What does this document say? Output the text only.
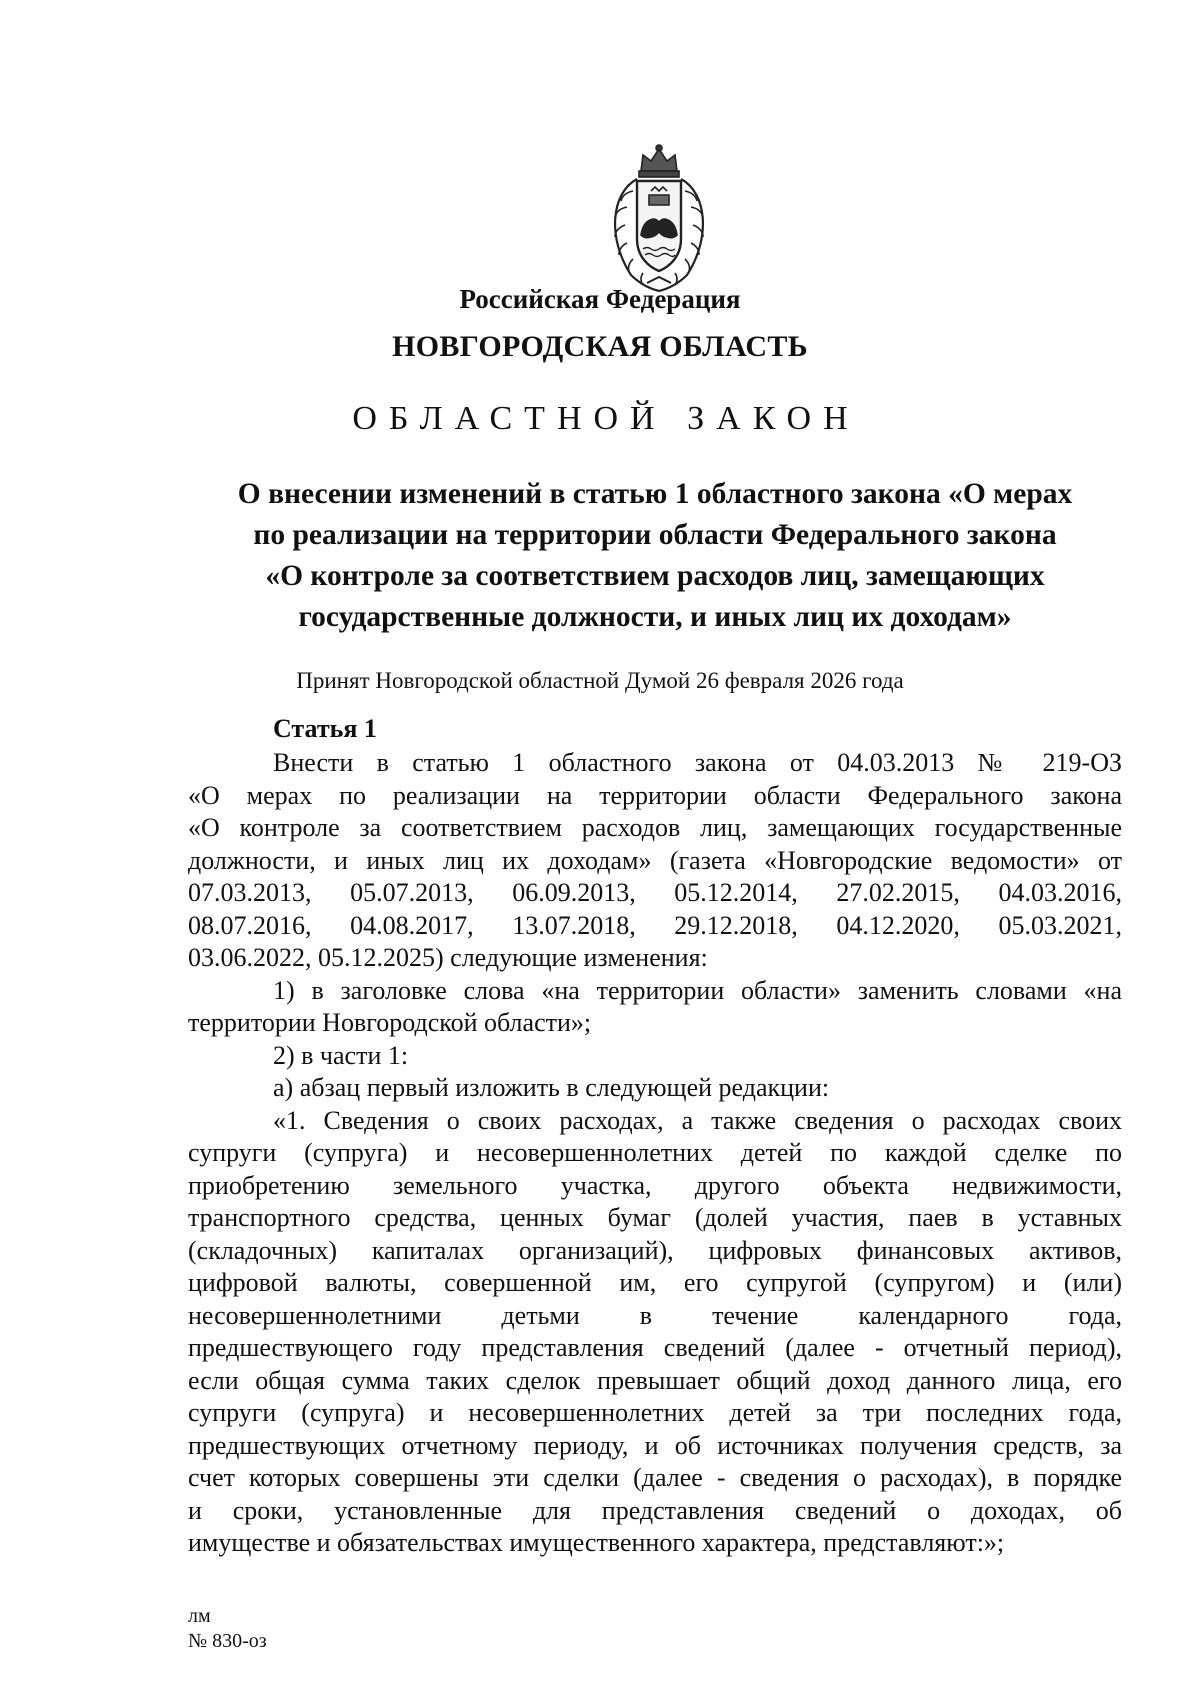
Российская Федерация
НОВГОРОДСКАЯ ОБЛАСТЬ
ОБЛАСТНОЙ ЗАКОН
О внесении изменений в статью 1 областного закона «О мерах
по реализации на территории области Федерального закона
«О контроле за соответствием расходов лиц, замещающих
государственные должности, и иных лиц их доходам»
Принят Новгородской областной Думой 26 февраля 2026 года
Статья 1
Внести в статью 1 областного закона от 04.03.2013 № 219-ОЗ
«О мерах по реализации на территории области Федерального закона
«О контроле за соответствием расходов лиц, замещающих государственные
должности, и иных лиц их доходам» (газета «Новгородские ведомости» от
07.03.2013, 05.07.2013, 06.09.2013, 05.12.2014, 27.02.2015, 04.03.2016,
08.07.2016, 04.08.2017, 13.07.2018, 29.12.2018, 04.12.2020, 05.03.2021,
03.06.2022, 05.12.2025) следующие изменения:
1) в заголовке слова «на территории области» заменить словами «на
территории Новгородской области»;
2) в части 1:
а) абзац первый изложить в следующей редакции:
«1. Сведения о своих расходах, а также сведения о расходах своих
супруги (супруга) и несовершеннолетних детей по каждой сделке по
приобретению земельного участка, другого объекта недвижимости,
транспортного средства, ценных бумаг (долей участия, паев в уставных
(складочных) капиталах организаций), цифровых финансовых активов,
цифровой валюты, совершенной им, его супругой (супругом) и (или)
несовершеннолетними детьми в течение календарного года,
предшествующего году представления сведений (далее - отчетный период),
если общая сумма таких сделок превышает общий доход данного лица, его
супруги (супруга) и несовершеннолетних детей за три последних года,
предшествующих отчетному периоду, и об источниках получения средств, за
счет которых совершены эти сделки (далее - сведения о расходах), в порядке
и сроки, установленные для представления сведений о доходах, об
имуществе и обязательствах имущественного характера, представляют:»;
лм
№ 830-оз
